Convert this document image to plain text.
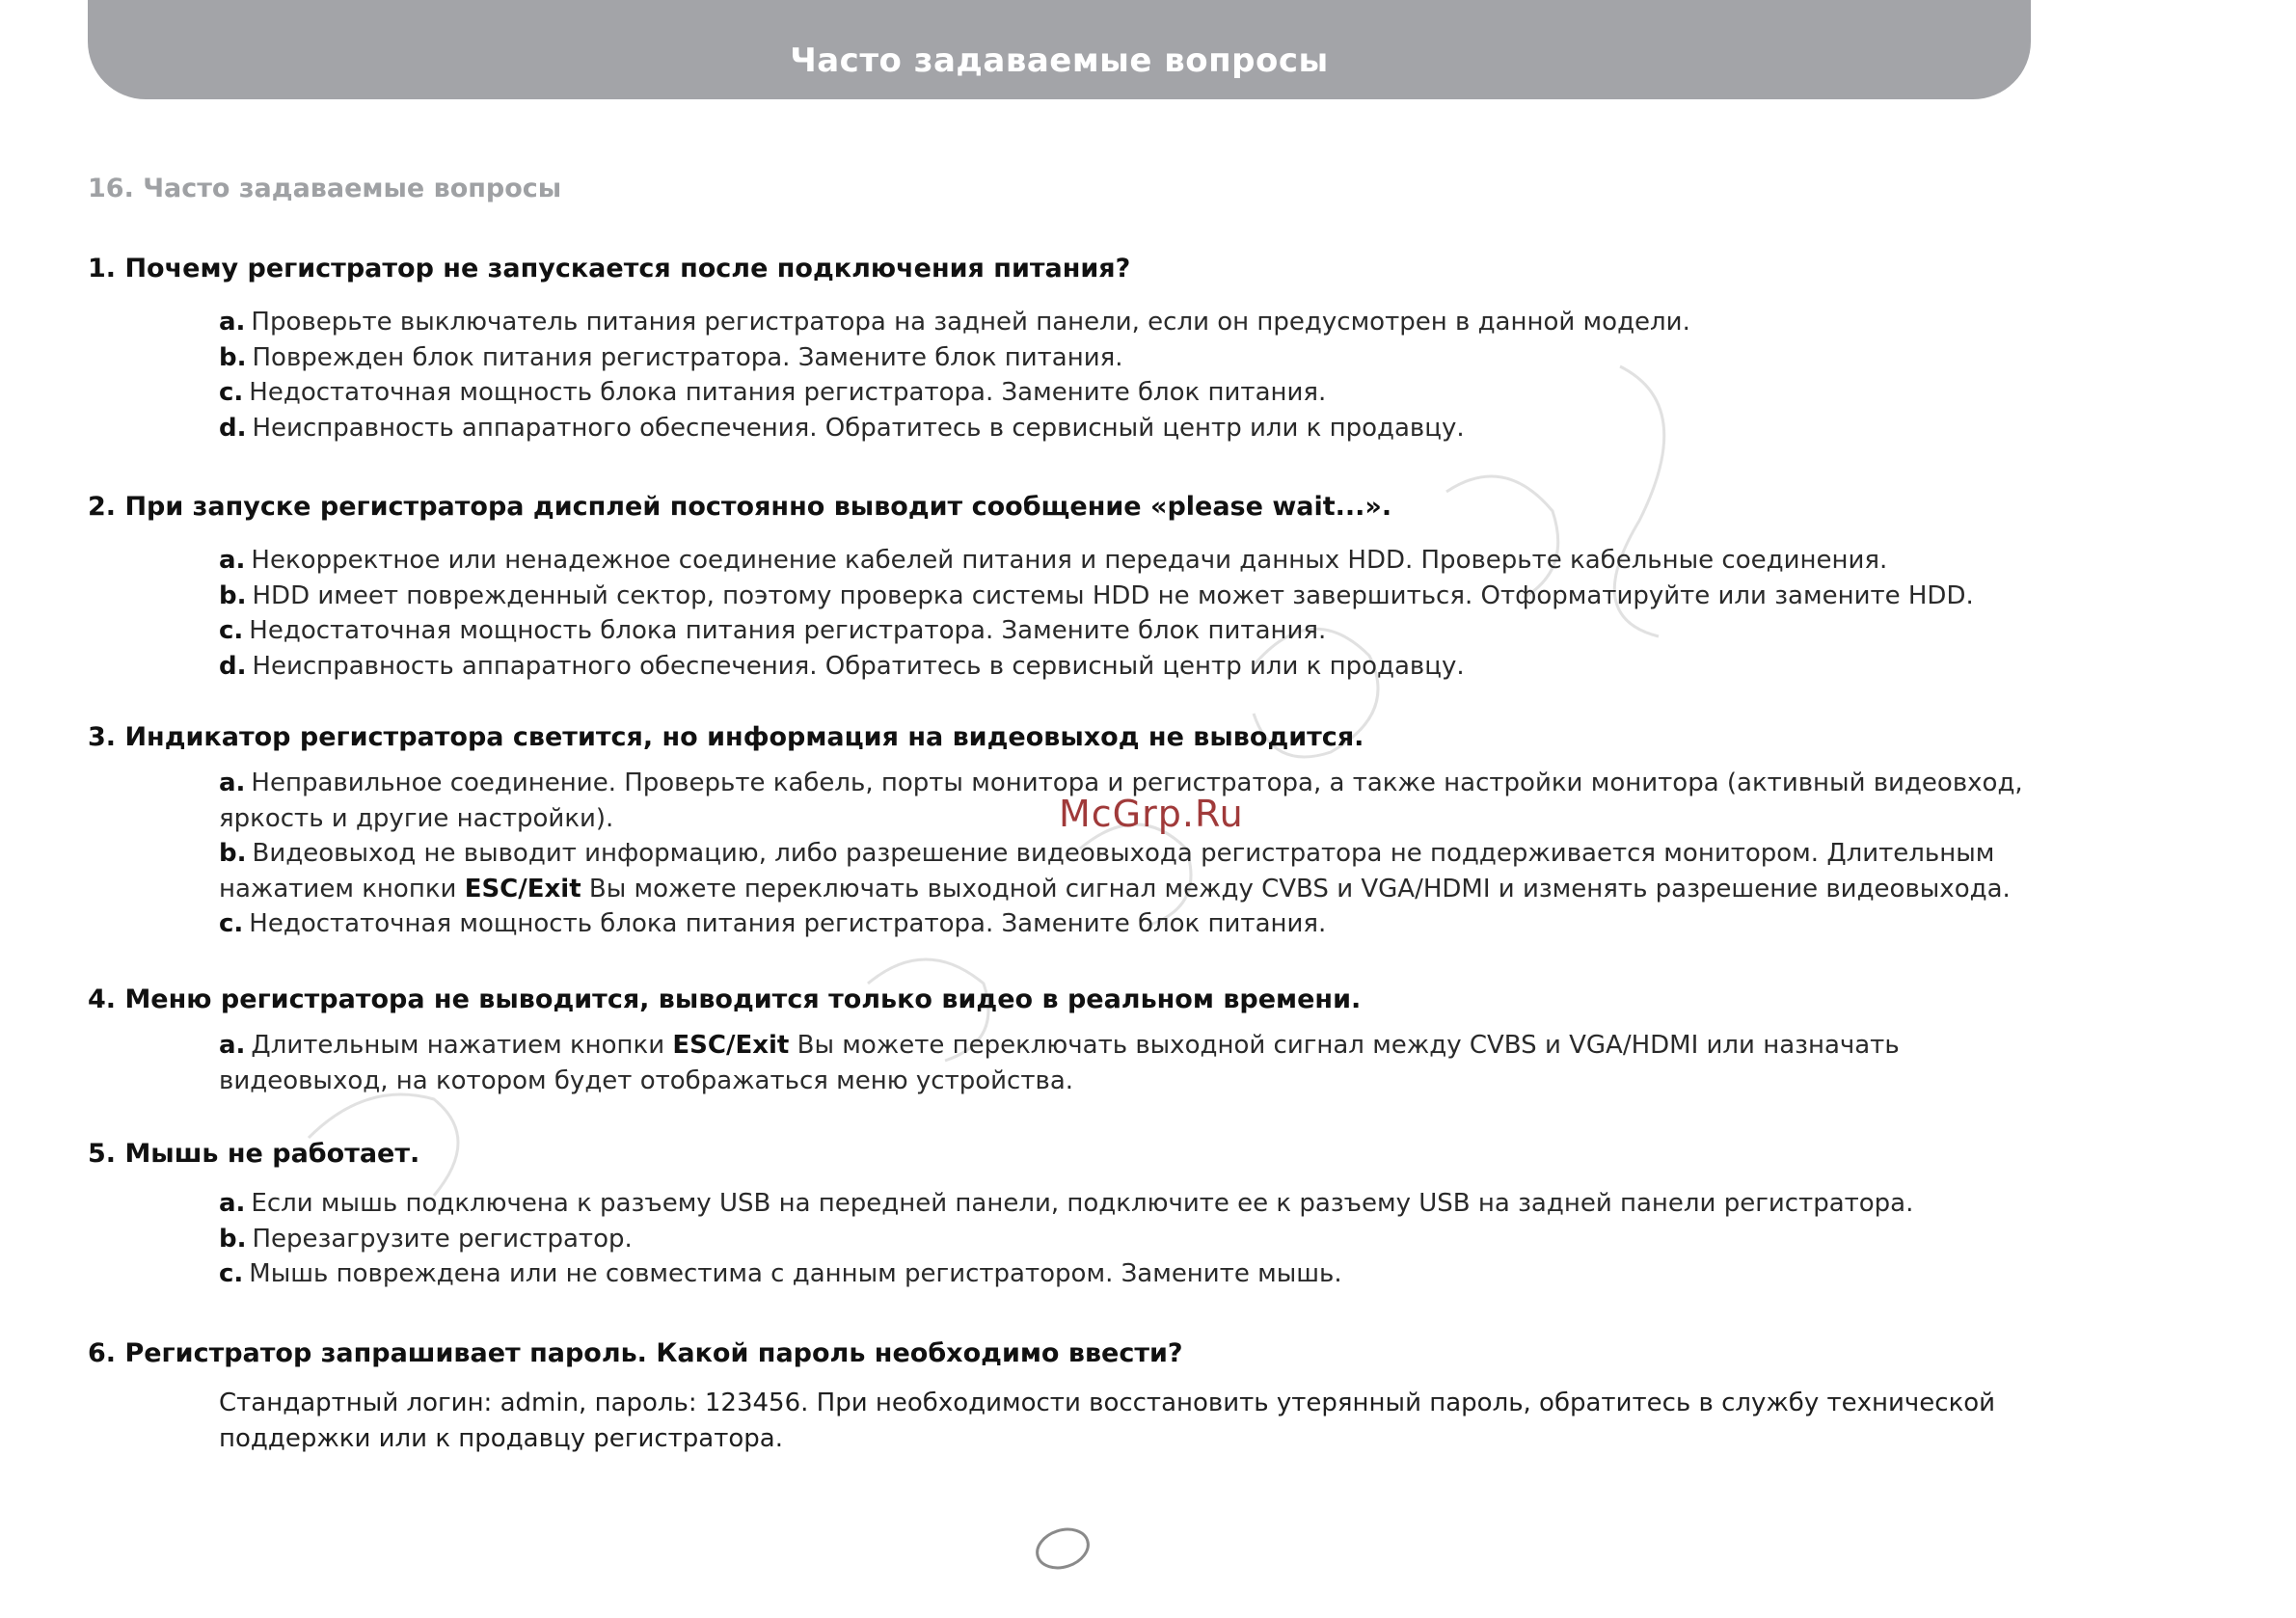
Часто задаваемые вопросы
16. Часто задаваемые вопросы
McGrp.Ru

1. Почему регистратор не запускается после подключения питания?

a. Проверьте выключатель питания регистратора на задней панели, если он предусмотрен в данной модели.
b. Поврежден блок питания регистратора. Замените блок питания.
c. Недостаточная мощность блока питания регистратора. Замените блок питания.
d. Неисправность аппаратного обеспечения. Обратитесь в сервисный центр или к продавцу.

2. При запуске регистратора дисплей постоянно выводит сообщение «please wait...».

a. Некорректное или ненадежное соединение кабелей питания и передачи данных HDD. Проверьте кабельные соединения.
b. HDD имеет поврежденный сектор, поэтому проверка системы HDD не может завершиться. Отформатируйте или замените HDD.
c. Недостаточная мощность блока питания регистратора. Замените блок питания.
d. Неисправность аппаратного обеспечения. Обратитесь в сервисный центр или к продавцу.

3. Индикатор регистратора светится, но информация на видеовыход не выводится.

a. Неправильное соединение. Проверьте кабель, порты монитора и регистратора, а также настройки монитора (активный видеовход, яркость и другие настройки).
b. Видеовыход не выводит информацию, либо разрешение видеовыхода регистратора не поддерживается монитором. Длительным нажатием кнопки ESC/Exit Вы можете переключать выходной сигнал между CVBS и VGA/HDMI и изменять разрешение видеовыхода.
c. Недостаточная мощность блока питания регистратора. Замените блок питания.

4. Меню регистратора не выводится, выводится только видео в реальном времени.

a. Длительным нажатием кнопки ESC/Exit Вы можете переключать выходной сигнал между CVBS и VGA/HDMI или назначать видеовыход, на котором будет отображаться меню устройства.

5. Мышь не работает.

a. Если мышь подключена к разъему USB на передней панели, подключите ее к разъему USB на задней панели регистратора.
b. Перезагрузите регистратор.
c. Мышь повреждена или не совместима с данным регистратором. Замените мышь.

6. Регистратор запрашивает пароль. Какой пароль необходимо ввести?

Стандартный логин: admin, пароль: 123456. При необходимости восстановить утерянный пароль, обратитесь в службу технической поддержки или к продавцу регистратора.
